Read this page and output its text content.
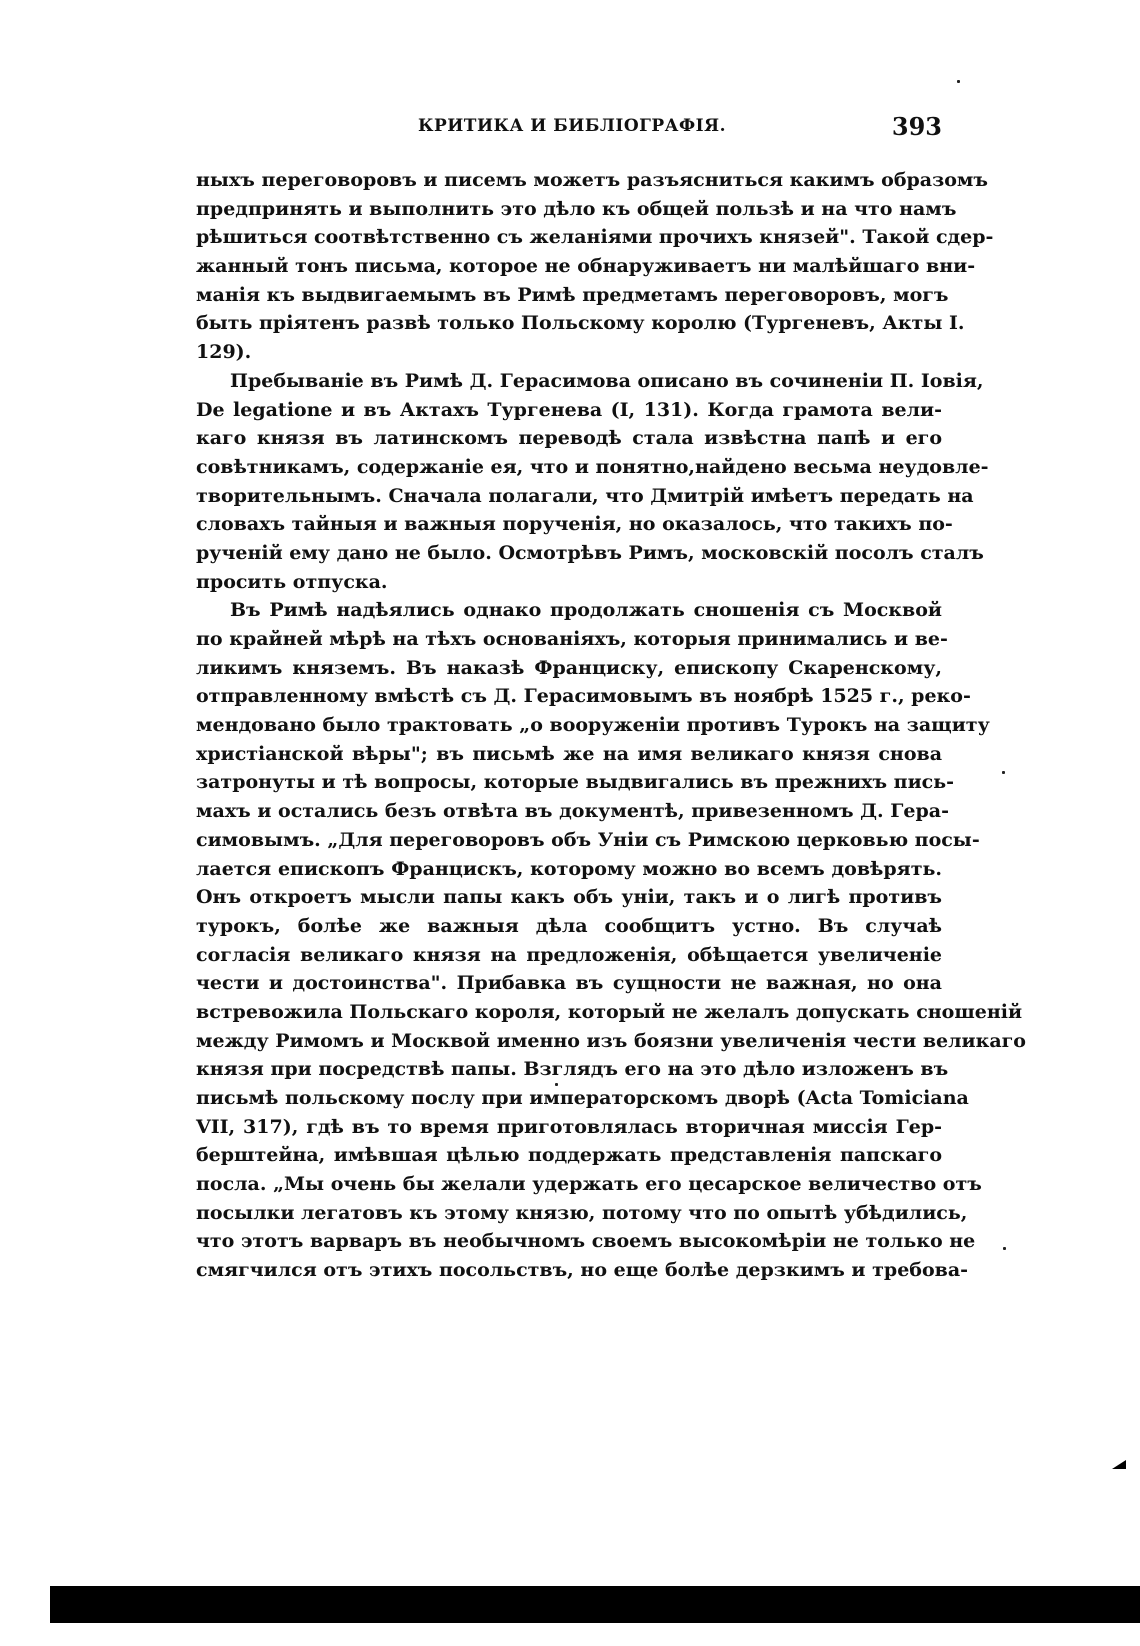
КРИТИКА И БИБЛІОГРАФІЯ.	393

ныхъ переговоровъ и писемъ можетъ разъясниться какимъ образомъ
предпринять и выполнить это дѣло къ общей пользѣ и на что намъ
рѣшиться соотвѣтственно съ желаніями прочихъ князей". Такой сдер-
жанный тонъ письма, которое не обнаруживаетъ ни малѣйшаго вни-
манія къ выдвигаемымъ въ Римѣ предметамъ переговоровъ, могъ
быть пріятенъ развѣ только Польскому королю (Тургеневъ, Акты I.
129).

Пребываніе въ Римѣ Д. Герасимова описано въ сочиненіи П. Іовія,
De legatione и въ Актахъ Тургенева (I, 131). Когда грамота вели-
каго князя въ латинскомъ переводѣ стала извѣстна папѣ и его
совѣтникамъ, содержаніе ея, что и понятно,найдено весьма неудовле-
творительнымъ. Сначала полагали, что Дмитрій имѣетъ передать на
словахъ тайныя и важныя порученія, но оказалось, что такихъ по-
рученій ему дано не было. Осмотрѣвъ Римъ, московскій посолъ сталъ
просить отпуска.

Въ Римѣ надѣялись однако продолжать сношенія съ Москвой
по крайней мѣрѣ на тѣхъ основаніяхъ, которыя принимались и ве-
ликимъ княземъ. Въ наказѣ Франциску, епископу Скаренскому,
отправленному вмѣстѣ съ Д. Герасимовымъ въ ноябрѣ 1525 г., реко-
мендовано было трактовать „о вооруженіи противъ Турокъ на защиту
христіанской вѣры"; въ письмѣ же на имя великаго князя снова
затронуты и тѣ вопросы, которые выдвигались въ прежнихъ пись-
махъ и остались безъ отвѣта въ документѣ, привезенномъ Д. Гера-
симовымъ. „Для переговоровъ объ Уніи съ Римскою церковью посы-
лается епископъ Францискъ, которому можно во всемъ довѣрять.
Онъ откроетъ мысли папы какъ объ уніи, такъ и о лигѣ противъ
турокъ, болѣе же важныя дѣла сообщитъ устно. Въ случаѣ
согласія великаго князя на предложенія, обѣщается увеличеніе
чести и достоинства". Прибавка въ сущности не важная, но она
встревожила Польскаго короля, который не желалъ допускать сношеній
между Римомъ и Москвой именно изъ боязни увеличенія чести великаго
князя при посредствѣ папы. Взглядъ его на это дѣло изложенъ въ
письмѣ польскому послу при императорскомъ дворѣ (Acta Tomiciana
VII, 317), гдѣ въ то время приготовлялась вторичная миссія Гер-
берштейна, имѣвшая цѣлью поддержать представленія папскаго
посла. „Мы очень бы желали удержать его цесарское величество отъ
посылки легатовъ къ этому князю, потому что по опытѣ убѣдились,
что этотъ варваръ въ необычномъ своемъ высокомѣріи не только не
смягчился отъ этихъ посольствъ, но еще болѣе дерзкимъ и требова-
